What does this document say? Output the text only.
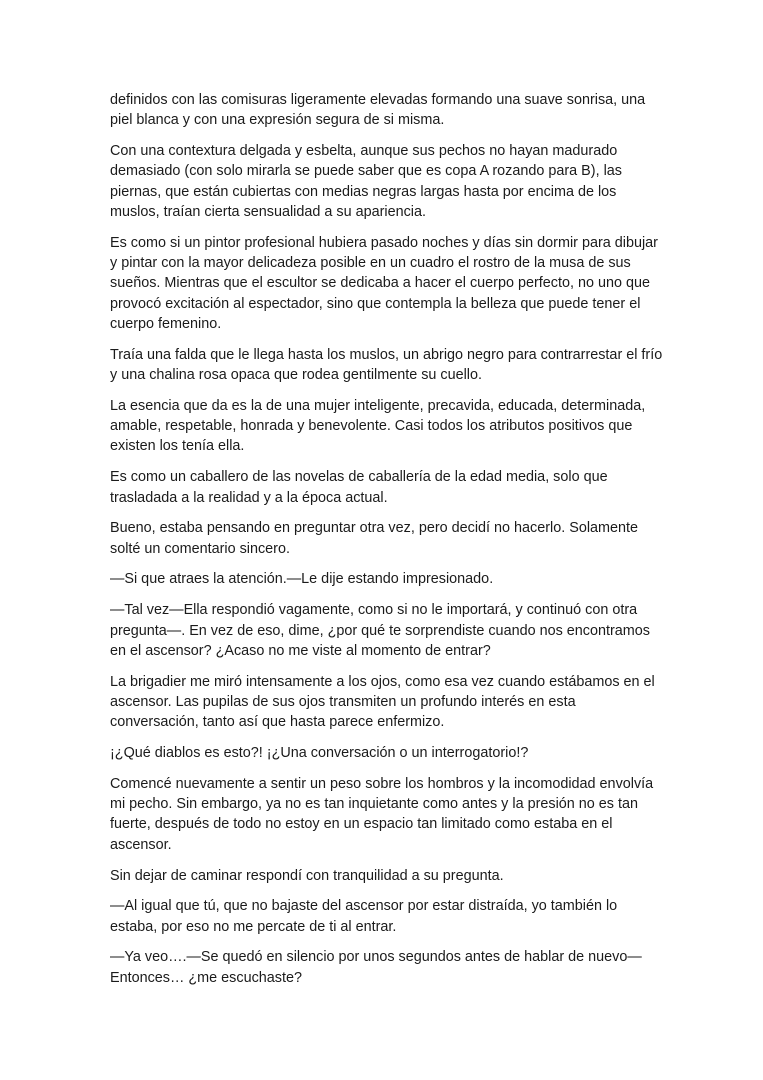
definidos con las comisuras ligeramente elevadas formando una suave sonrisa, una piel blanca y con una expresión segura de si misma.

Con una contextura delgada y esbelta, aunque sus pechos no hayan madurado demasiado (con solo mirarla se puede saber que es copa A rozando para B), las piernas, que están cubiertas con medias negras largas hasta por encima de los muslos, traían cierta sensualidad a su apariencia.

Es como si un pintor profesional hubiera pasado noches y días sin dormir para dibujar y pintar con la mayor delicadeza posible en un cuadro el rostro de la musa de sus sueños. Mientras que el escultor se dedicaba a hacer el cuerpo perfecto, no uno que provocó excitación al espectador, sino que contempla la belleza que puede tener el cuerpo femenino.

Traía una falda que le llega hasta los muslos, un abrigo negro para contrarrestar el frío y una chalina rosa opaca que rodea gentilmente su cuello.

La esencia que da es la de una mujer inteligente, precavida, educada, determinada, amable, respetable, honrada y benevolente. Casi todos los atributos positivos que existen los tenía ella.

Es como un caballero de las novelas de caballería de la edad media, solo que trasladada a la realidad y a la época actual.

Bueno, estaba pensando en preguntar otra vez, pero decidí no hacerlo. Solamente solté un comentario sincero.

—Si que atraes la atención.—Le dije estando impresionado.

—Tal vez—Ella respondió vagamente, como si no le importará, y continuó con otra pregunta—. En vez de eso, dime, ¿por qué te sorprendiste cuando nos encontramos en el ascensor? ¿Acaso no me viste al momento de entrar?

La brigadier me miró intensamente a los ojos, como esa vez cuando estábamos en el ascensor. Las pupilas de sus ojos transmiten un profundo interés en esta conversación, tanto así que hasta parece enfermizo.

¡¿Qué diablos es esto?! ¡¿Una conversación o un interrogatorio!?

Comencé nuevamente a sentir un peso sobre los hombros y la incomodidad envolvía mi pecho. Sin embargo, ya no es tan inquietante como antes y la presión no es tan fuerte, después de todo no estoy en un espacio tan limitado como estaba en el ascensor.

Sin dejar de caminar respondí con tranquilidad a su pregunta.

—Al igual que tú, que no bajaste del ascensor por estar distraída, yo también lo estaba, por eso no me percate de ti al entrar.

—Ya veo….—Se quedó en silencio por unos segundos antes de hablar de nuevo—Entonces… ¿me escuchaste?
